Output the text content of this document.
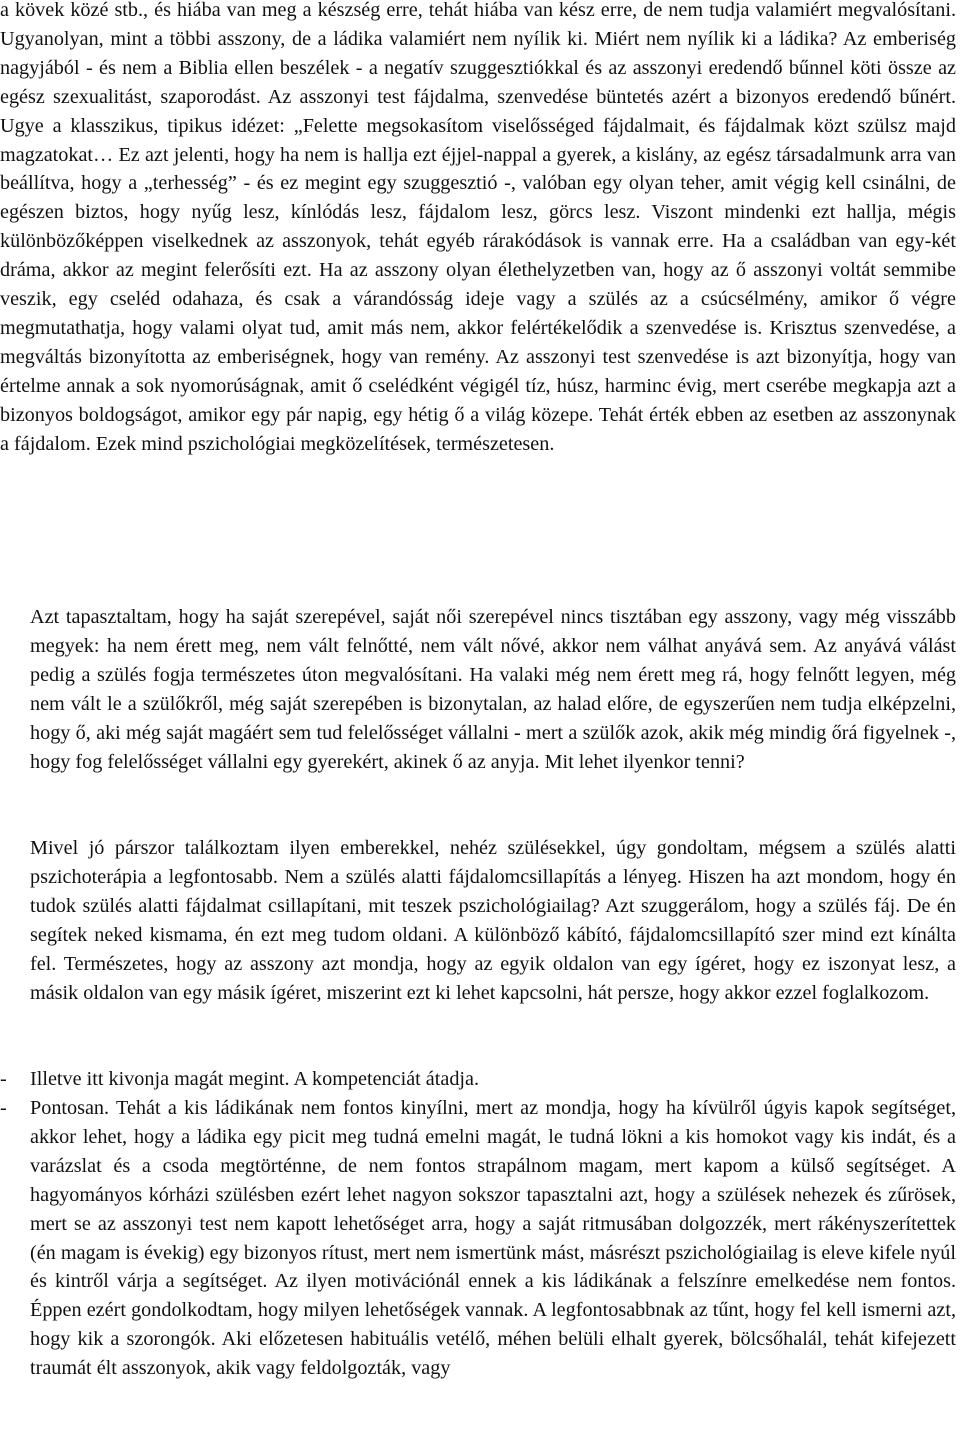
a kövek közé stb., és hiába van meg a készség erre, tehát hiába van kész erre, de nem tudja valamiért megvalósítani. Ugyanolyan, mint a többi asszony, de a ládika valamiért nem nyílik ki. Miért nem nyílik ki a ládika? Az emberiség nagyjából - és nem a Biblia ellen beszélek - a negatív szuggesztiókkal és az asszonyi eredendő bűnnel köti össze az egész szexualitást, szaporodást. Az asszonyi test fájdalma, szenvedése büntetés azért a bizonyos eredendő bűnért. Ugye a klasszikus, tipikus idézet: „Felette megsokasítom viselősséged fájdalmait, és fájdalmak közt szülsz majd magzatokat… Ez azt jelenti, hogy ha nem is hallja ezt éjjel-nappal a gyerek, a kislány, az egész társadalmunk arra van beállítva, hogy a „terhesség” - és ez megint egy szuggesztió -, valóban egy olyan teher, amit végig kell csinálni, de egészen biztos, hogy nyűg lesz, kínlódás lesz, fájdalom lesz, görcs lesz. Viszont mindenki ezt hallja, mégis különbözőképpen viselkednek az asszonyok, tehát egyéb rárakódások is vannak erre. Ha a családban van egy-két dráma, akkor az megint felerősíti ezt. Ha az asszony olyan élethelyzetben van, hogy az ő asszonyi voltát semmibe veszik, egy cseléd odahaza, és csak a várandósság ideje vagy a szülés az a csúcsélmény, amikor ő végre megmutathatja, hogy valami olyat tud, amit más nem, akkor felértékelődik a szenvedése is. Krisztus szenvedése, a megváltás bizonyította az emberiségnek, hogy van remény. Az asszonyi test szenvedése is azt bizonyítja, hogy van értelme annak a sok nyomorúságnak, amit ő cselédként végigél tíz, húsz, harminc évig, mert cserébe megkapja azt a bizonyos boldogságot, amikor egy pár napig, egy hétig ő a világ közepe. Tehát érték ebben az esetben az asszonynak a fájdalom. Ezek mind pszichológiai megközelítések, természetesen.

Azt tapasztaltam, hogy ha saját szerepével, saját női szerepével nincs tisztában egy asszony, vagy még visszább megyek: ha nem érett meg, nem vált felnőtté, nem vált nővé, akkor nem válhat anyává sem. Az anyává válást pedig a szülés fogja természetes úton megvalósítani. Ha valaki még nem érett meg rá, hogy felnőtt legyen, még nem vált le a szülőkről, még saját szerepében is bizonytalan, az halad előre, de egyszerűen nem tudja elképzelni, hogy ő, aki még saját magáért sem tud felelősséget vállalni - mert a szülők azok, akik még mindig őrá figyelnek -, hogy fog felelősséget vállalni egy gyerekért, akinek ő az anyja. Mit lehet ilyenkor tenni?

Mivel jó párszor találkoztam ilyen emberekkel, nehéz szülésekkel, úgy gondoltam, mégsem a szülés alatti pszichoterápia a legfontosabb. Nem a szülés alatti fájdalomcsillapítás a lényeg. Hiszen ha azt mondom, hogy én tudok szülés alatti fájdalmat csillapítani, mit teszek pszichológiailag? Azt szuggerálom, hogy a szülés fáj. De én segítek neked kismama, én ezt meg tudom oldani. A különböző kábító, fájdalomcsillapító szer mind ezt kínálta fel. Természetes, hogy az asszony azt mondja, hogy az egyik oldalon van egy ígéret, hogy ez iszonyat lesz, a másik oldalon van egy másik ígéret, miszerint ezt ki lehet kapcsolni, hát persze, hogy akkor ezzel foglalkozom.

-	Illetve itt kivonja magát megint. A kompetenciát átadja.

-	Pontosan. Tehát a kis ládikának nem fontos kinyílni, mert az mondja, hogy ha kívülről úgyis kapok segítséget, akkor lehet, hogy a ládika egy picit meg tudná emelni magát, le tudná lökni a kis homokot vagy kis indát, és a varázslat és a csoda megtörténne, de nem fontos strapálnom magam, mert kapom a külső segítséget. A hagyományos kórházi szülésben ezért lehet nagyon sokszor tapasztalni azt, hogy a szülések nehezek és zűrösek, mert se az asszonyi test nem kapott lehetőséget arra, hogy a saját ritmusában dolgozzék, mert rákényszerítettek (én magam is évekig) egy bizonyos rítust, mert nem ismertünk mást, másrészt pszichológiailag is eleve kifele nyúl és kintről várja a segítséget. Az ilyen motivációnál ennek a kis ládikának a felszínre emelkedése nem fontos. Éppen ezért gondolkodtam, hogy milyen lehetőségek vannak. A legfontosabbnak az tűnt, hogy fel kell ismerni azt, hogy kik a szorongók. Aki előzetesen habituális vetélő, méhen belüli elhalt gyerek, bölcsőhalál, tehát kifejezett traumát élt asszonyok, akik vagy feldolgozták, vagy
